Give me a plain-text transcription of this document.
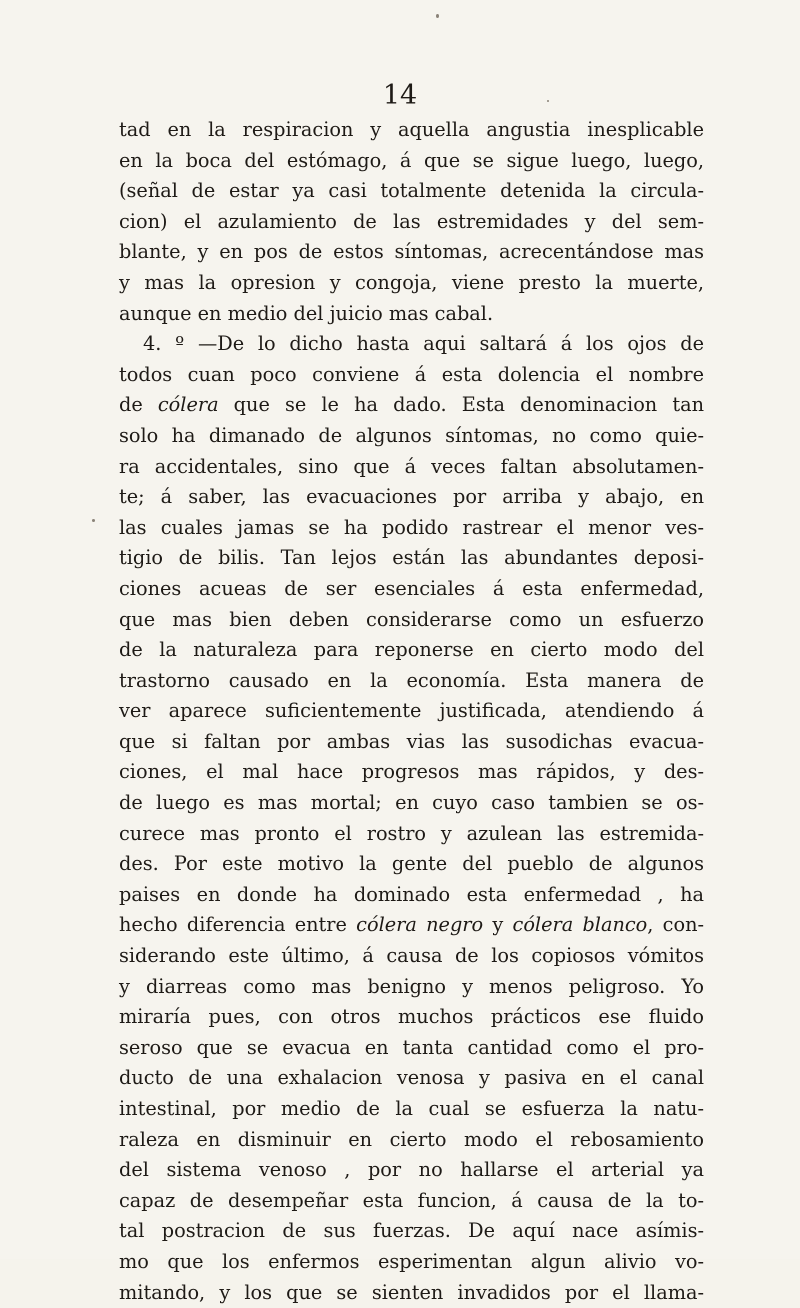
14
tad en la respiracion y aquella angustia inesplicable
en la boca del estómago, á que se sigue luego, luego,
(señal de estar ya casi totalmente detenida la circula-
cion) el azulamiento de las estremidades y del sem-
blante, y en pos de estos síntomas, acrecentándose mas
y mas la opresion y congoja, viene presto la muerte,
aunque en medio del juicio mas cabal.
4. º —De lo dicho hasta aqui saltará á los ojos de
todos cuan poco conviene á esta dolencia el nombre
de cólera que se le ha dado. Esta denominacion tan
solo ha dimanado de algunos síntomas, no como quie-
ra accidentales, sino que á veces faltan absolutamen-
te; á saber, las evacuaciones por arriba y abajo, en
las cuales jamas se ha podido rastrear el menor ves-
tigio de bilis. Tan lejos están las abundantes deposi-
ciones acueas de ser esenciales á esta enfermedad,
que mas bien deben considerarse como un esfuerzo
de la naturaleza para reponerse en cierto modo del
trastorno causado en la economía. Esta manera de
ver aparece suficientemente justificada, atendiendo á
que si faltan por ambas vias las susodichas evacua-
ciones, el mal hace progresos mas rápidos, y des-
de luego es mas mortal; en cuyo caso tambien se os-
curece mas pronto el rostro y azulean las estremida-
des. Por este motivo la gente del pueblo de algunos
paises en donde ha dominado esta enfermedad , ha
hecho diferencia entre cólera negro y cólera blanco, con-
siderando este último, á causa de los copiosos vómitos
y diarreas como mas benigno y menos peligroso. Yo
miraría pues, con otros muchos prácticos ese fluido
seroso que se evacua en tanta cantidad como el pro-
ducto de una exhalacion venosa y pasiva en el canal
intestinal, por medio de la cual se esfuerza la natu-
raleza en disminuir en cierto modo el rebosamiento
del sistema venoso , por no hallarse el arterial ya
capaz de desempeñar esta funcion, á causa de la to-
tal postracion de sus fuerzas. De aquí nace asímis-
mo que los enfermos esperimentan algun alivio vo-
mitando, y los que se sienten invadidos por el llama-
